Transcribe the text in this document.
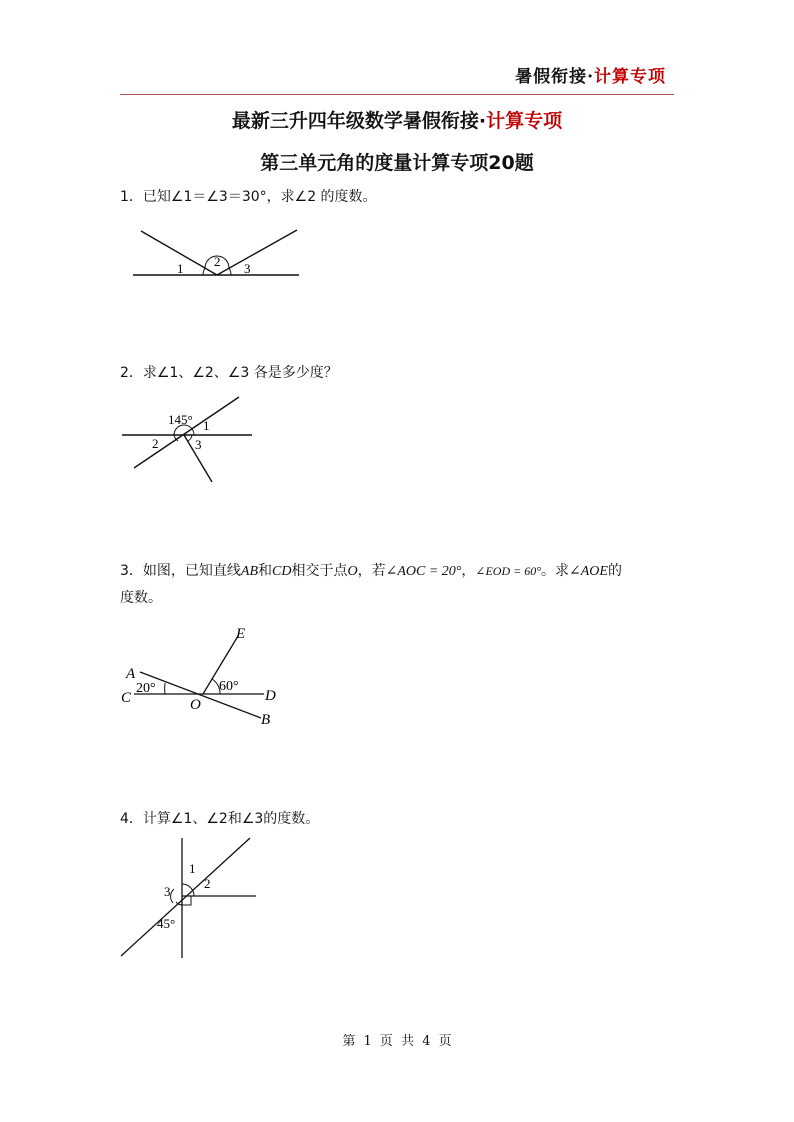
暑假衔接·计算专项
最新三升四年级数学暑假衔接·计算专项
第三单元角的度量计算专项20题
1．已知∠1＝∠3＝30°，求∠2 的度数。
1 2 3
2．求∠1、∠2、∠3 各是多少度？
145° 1
2	3
3．如图，已知直线AB和CD相交于点O，若∠AOC = 20°，∠EOD = 60°。求∠AOE的
度数。
E
A
20°	60°
C	O
D
B
4．计算∠1、∠2和∠3的度数。
1
2
3
45°
第 1 页 共 4 页
